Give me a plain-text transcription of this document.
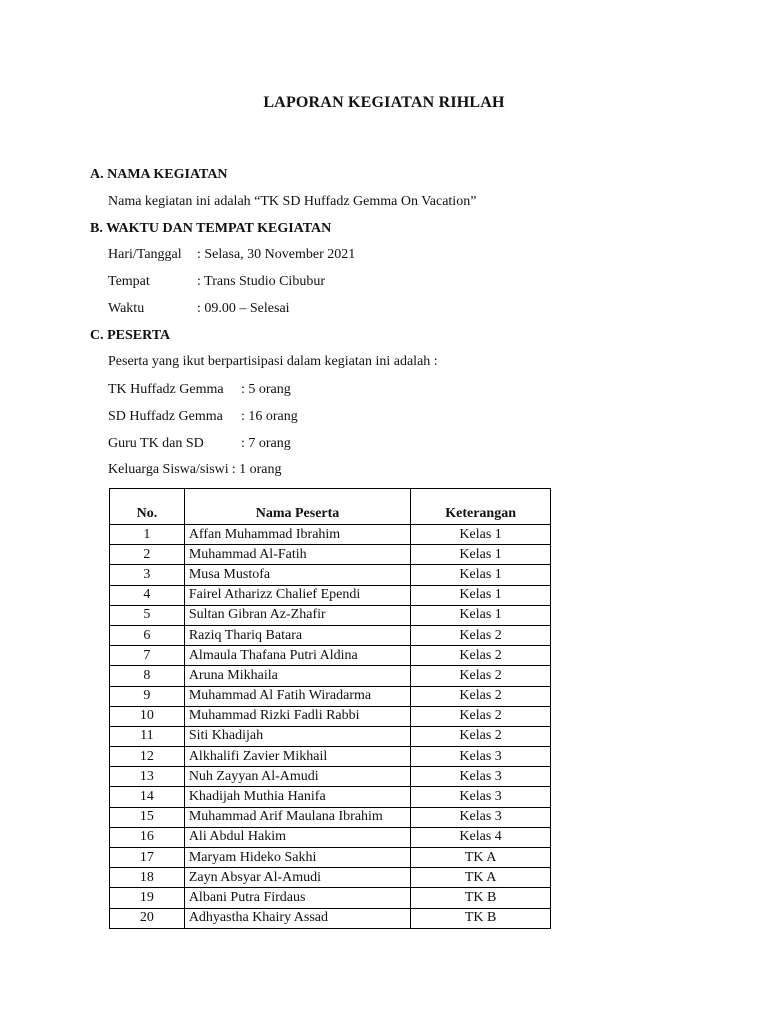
LAPORAN KEGIATAN RIHLAH
A. NAMA KEGIATAN
Nama kegiatan ini adalah “TK SD Huffadz Gemma On Vacation”
B. WAKTU DAN TEMPAT KEGIATAN
Hari/Tanggal : Selasa, 30 November 2021
Tempat	: Trans Studio Cibubur
Waktu	: 09.00 – Selesai
C. PESERTA
Peserta yang ikut berpartisipasi dalam kegiatan ini adalah :
TK Huffadz Gemma : 5 orang
SD Huffadz Gemma : 16 orang
Guru TK dan SD	: 7 orang
Keluarga Siswa/siswi : 1 orang
No.	Nama Peserta	Keterangan
1	Affan Muhammad Ibrahim	Kelas 1
2	Muhammad Al-Fatih	Kelas 1
3	Musa Mustofa	Kelas 1
4	Fairel Atharizz Chalief Ependi	Kelas 1
5	Sultan Gibran Az-Zhafir	Kelas 1
6	Raziq Thariq Batara	Kelas 2
7	Almaula Thafana Putri Aldina	Kelas 2
8	Aruna Mikhaila	Kelas 2
9	Muhammad Al Fatih Wiradarma	Kelas 2
10	Muhammad Rizki Fadli Rabbi	Kelas 2
11	Siti Khadijah	Kelas 2
12	Alkhalifi Zavier Mikhail	Kelas 3
13	Nuh Zayyan Al-Amudi	Kelas 3
14	Khadijah Muthia Hanifa	Kelas 3
15	Muhammad Arif Maulana Ibrahim	Kelas 3
16	Ali Abdul Hakim	Kelas 4
17	Maryam Hideko Sakhi	TK A
18	Zayn Absyar Al-Amudi	TK A
19	Albani Putra Firdaus	TK B
20	Adhyastha Khairy Assad	TK B
